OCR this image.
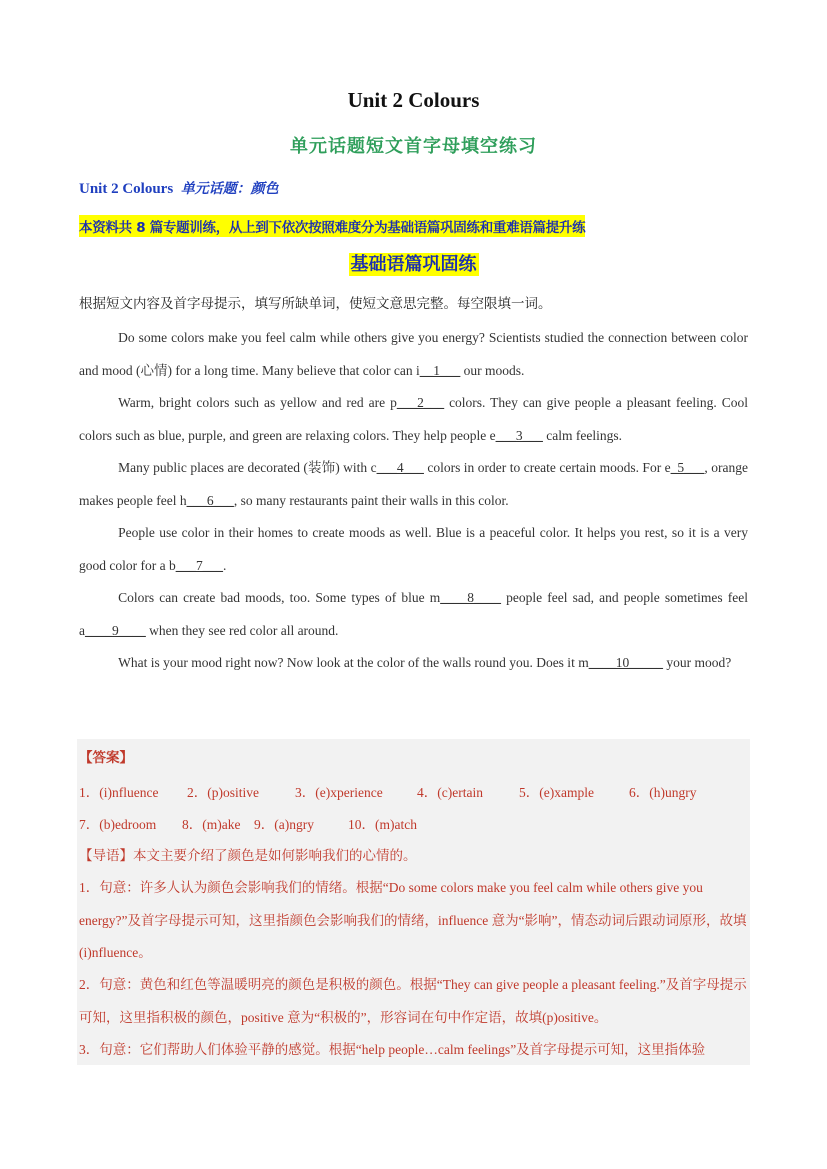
Unit 2 Colours
单元话题短文首字母填空练习
Unit 2 Colours 单元话题：颜色
本资料共 8 篇专题训练，从上到下依次按照难度分为基础语篇巩固练和重难语篇提升练
基础语篇巩固练
根据短文内容及首字母提示，填写所缺单词，使短文意思完整。每空限填一词。

Do some colors make you feel calm while others give you energy? Scientists studied the connection between color and mood (心情) for a long time. Many believe that color can i__1___ our moods.

Warm, bright colors such as yellow and red are p___2___ colors. They can give people a pleasant feeling. Cool colors such as blue, purple, and green are relaxing colors. They help people e___3___ calm feelings.

Many public places are decorated (装饰) with c___4___ colors in order to create certain moods. For e_5___, orange makes people feel h___6___, so many restaurants paint their walls in this color.

People use color in their homes to create moods as well. Blue is a peaceful color. It helps you rest, so it is a very good color for a b___7___.

Colors can create bad moods, too. Some types of blue m____8____ people feel sad, and people sometimes feel a____9____ when they see red color all around.

What is your mood right now? Now look at the color of the walls round you. Does it m____10_____ your mood?

【答案】
1．(i)nfluence 2．(p)ositive	3．(e)xperience	4．(c)ertain	5．(e)xample	6．(h)ungry
7．(b)edroom 8．(m)ake 9．(a)ngry	10．(m)atch
【导语】本文主要介绍了颜色是如何影响我们的心情的。
1．句意：许多人认为颜色会影响我们的情绪。根据“Do some colors make you feel calm while others give you energy?”及首字母提示可知，这里指颜色会影响我们的情绪，influence 意为“影响”，情态动词后跟动词原形，故填(i)nfluence。
2．句意：黄色和红色等温暖明亮的颜色是积极的颜色。根据“They can give people a pleasant feeling.”及首字母提示可知，这里指积极的颜色，positive 意为“积极的”，形容词在句中作定语，故填(p)ositive。
3．句意：它们帮助人们体验平静的感觉。根据“help people…calm feelings”及首字母提示可知，这里指体验
